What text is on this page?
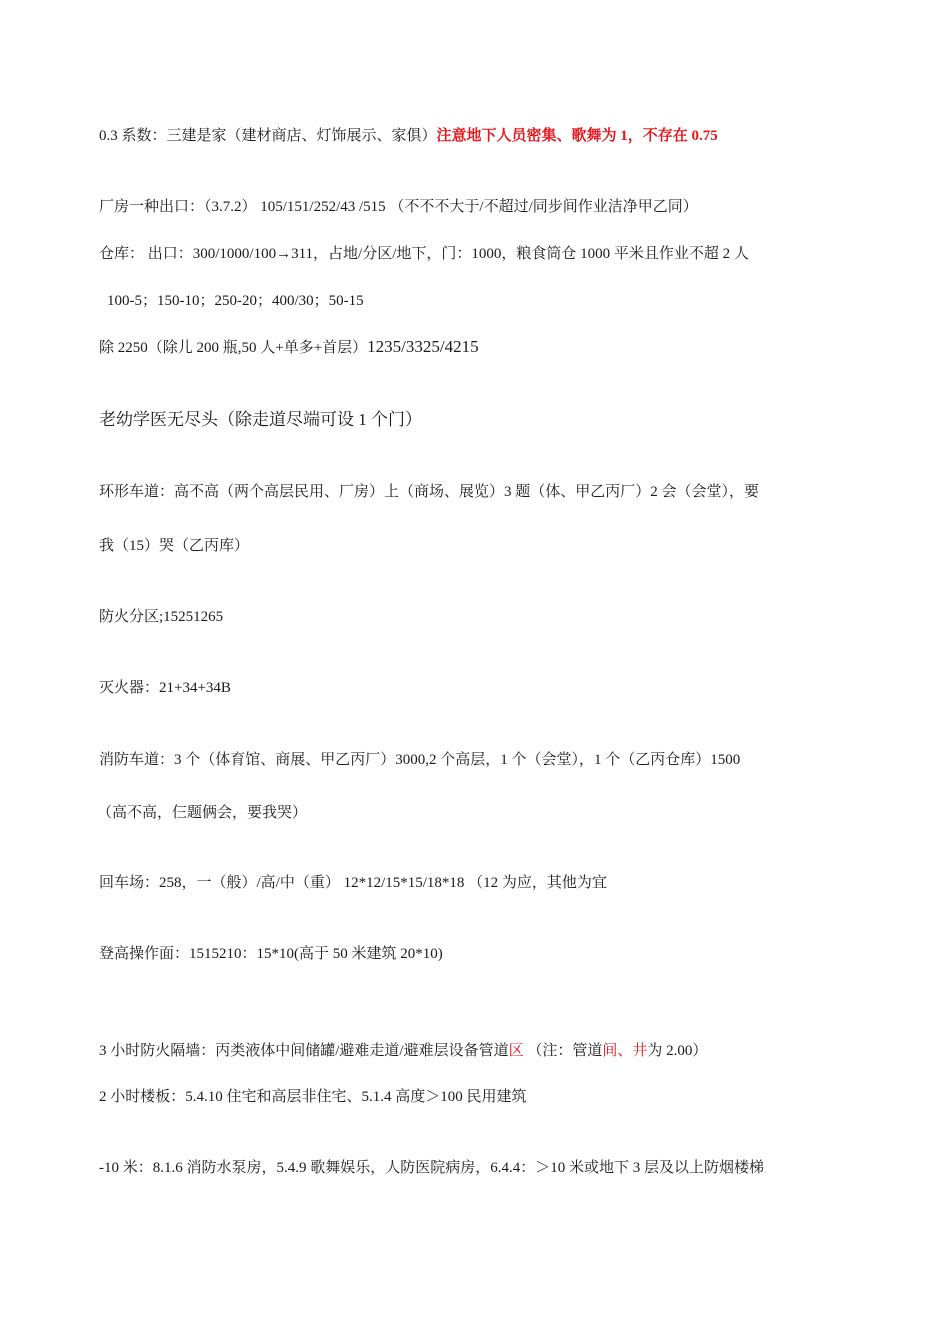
0.3 系数：三建是家（建材商店、灯饰展示、家俱）注意地下人员密集、歌舞为 1，不存在 0.75
厂房一种出口：（3.7.2） 105/151/252/43 /515 （不不不大于/不超过/同步间作业洁净甲乙同）
仓库： 出口：300/1000/100→311，占地/分区/地下，门：1000，粮食筒仓 1000 平米且作业不超 2 人
100-5；150-10；250-20；400/30；50-15
除 2250（除儿 200 瓶,50 人+单多+首层）1235/3325/4215
老幼学医无尽头（除走道尽端可设 1 个门）
环形车道：高不高（两个高层民用、厂房）上（商场、展览）3 题（体、甲乙丙厂）2 会（会堂），要
我（15）哭（乙丙库）
防火分区;15251265
灭火器：21+34+34B
消防车道：3 个（体育馆、商展、甲乙丙厂）3000,2 个高层，1 个（会堂），1 个（乙丙仓库）1500
（高不高，仨题俩会，要我哭）
回车场：258，一（般）/高/中（重） 12*12/15*15/18*18 （12 为应，其他为宜
登高操作面：1515210：15*10(高于 50 米建筑 20*10)
3 小时防火隔墙：丙类液体中间储罐/避难走道/避难层设备管道区 （注：管道间、井为 2.00）
2 小时楼板：5.4.10 住宅和高层非住宅、5.1.4 高度＞100 民用建筑
-10 米：8.1.6 消防水泵房，5.4.9 歌舞娱乐，人防医院病房，6.4.4：＞10 米或地下 3 层及以上防烟楼梯
